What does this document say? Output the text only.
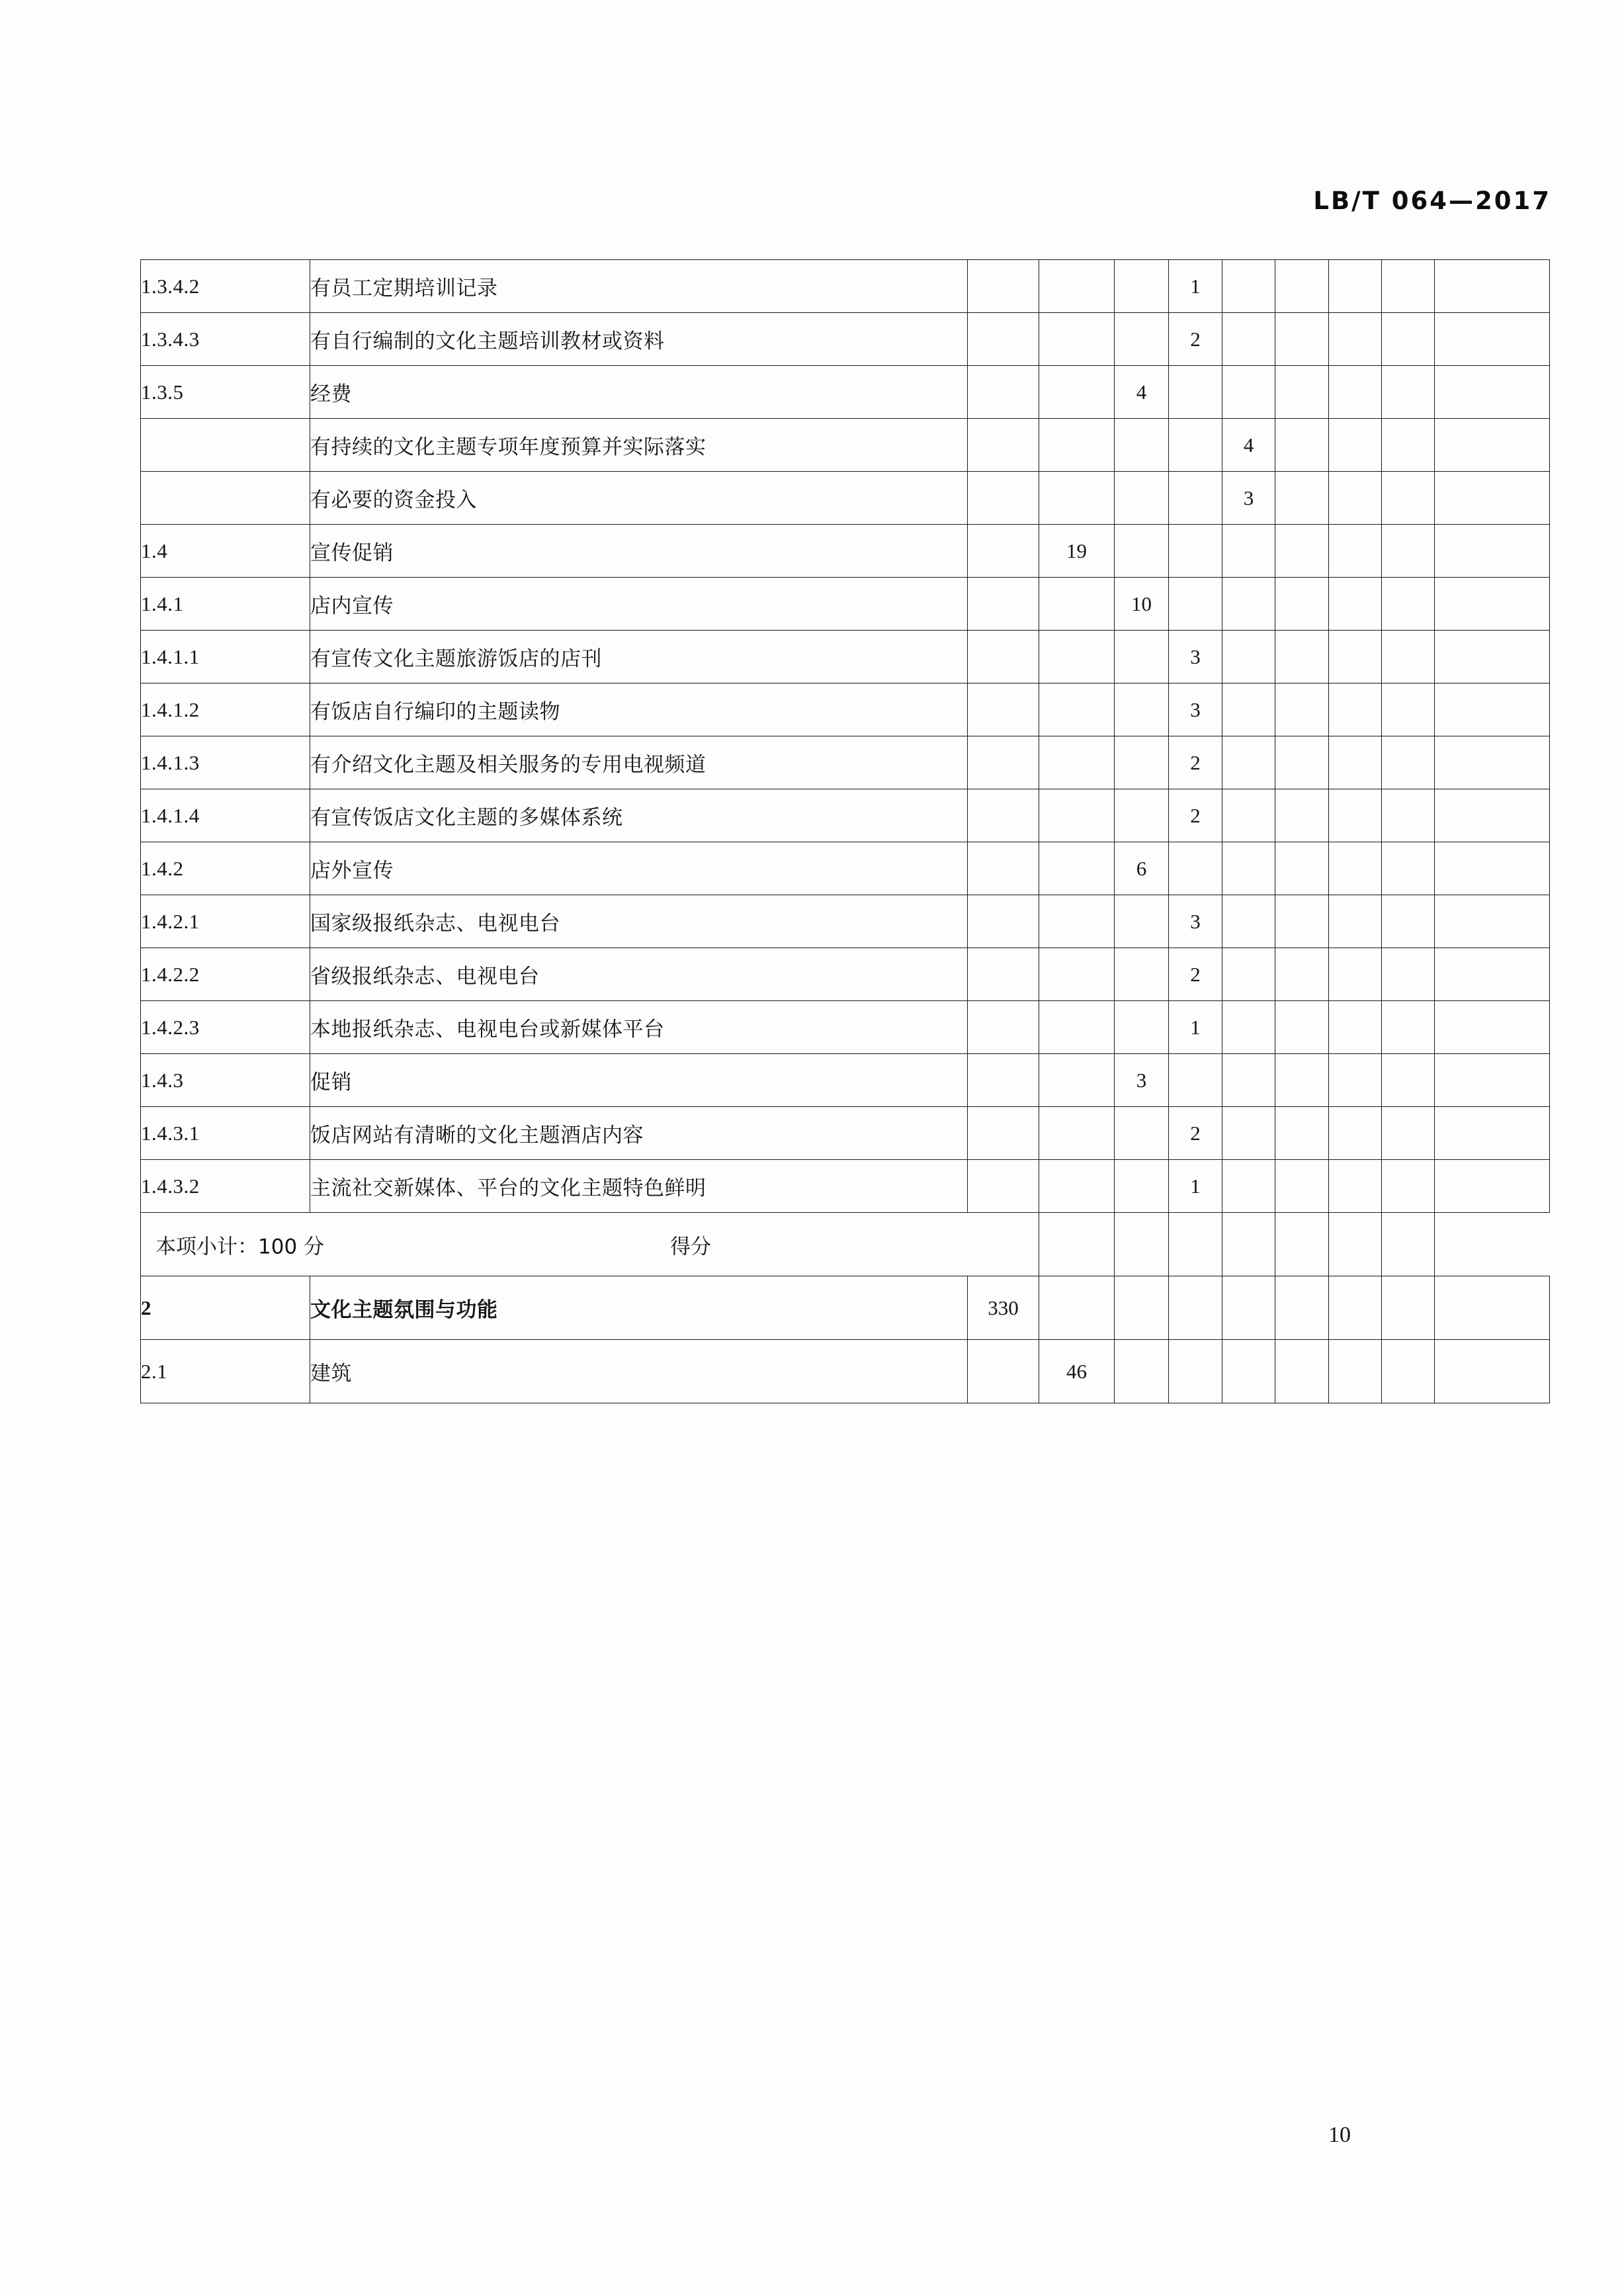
LB/T 064—2017
1.3.4.2	有员工定期培训记录				1					
1.3.4.3	有自行编制的文化主题培训教材或资料				2					
1.3.5	经费			4						
	有持续的文化主题专项年度预算并实际落实					4				
	有必要的资金投入					3				
1.4	宣传促销		19							
1.4.1	店内宣传			10						
1.4.1.1	有宣传文化主题旅游饭店的店刊				3					
1.4.1.2	有饭店自行编印的主题读物				3					
1.4.1.3	有介绍文化主题及相关服务的专用电视频道				2					
1.4.1.4	有宣传饭店文化主题的多媒体系统				2					
1.4.2	店外宣传			6						
1.4.2.1	国家级报纸杂志、电视电台				3					
1.4.2.2	省级报纸杂志、电视电台				2					
1.4.2.3	本地报纸杂志、电视电台或新媒体平台				1					
1.4.3	促销			3						
1.4.3.1	饭店网站有清晰的文化主题酒店内容				2					
1.4.3.2	主流社交新媒体、平台的文化主题特色鲜明				1					

本项小计：100 分 得分										

2	文化主题氛围与功能	330								
2.1	建筑		46							
10
